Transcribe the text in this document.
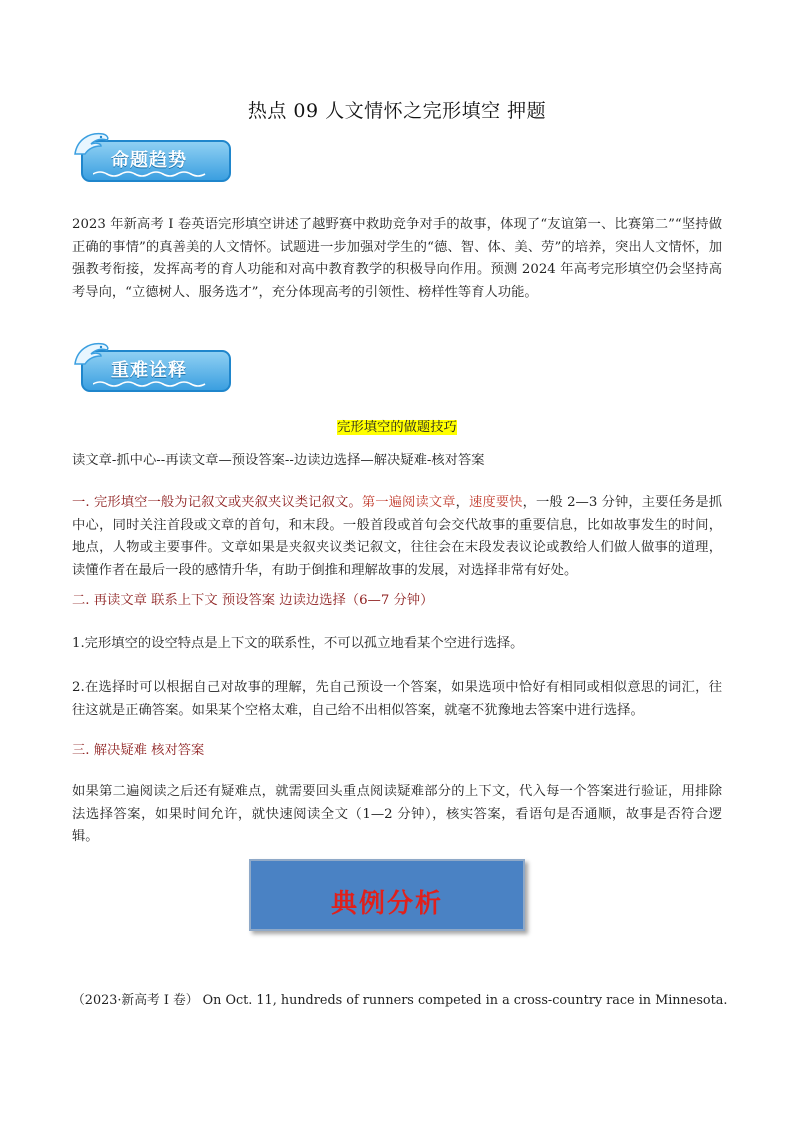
热点 09 人文情怀之完形填空 押题
命题趋势
2023 年新高考 I 卷英语完形填空讲述了越野赛中救助竞争对手的故事，体现了“友谊第一、比赛第二”“坚持做正确的事情”的真善美的人文情怀。试题进一步加强对学生的“德、智、体、美、劳”的培养，突出人文情怀，加强教考衔接，发挥高考的育人功能和对高中教育教学的积极导向作用。预测 2024 年高考完形填空仍会坚持高考导向，“立德树人、服务选才”，充分体现高考的引领性、榜样性等育人功能。
重难诠释
完形填空的做题技巧
读文章-抓中心--再读文章—预设答案--边读边选择—解决疑难-核对答案
一. 完形填空一般为记叙文或夹叙夹议类记叙文。第一遍阅读文章，速度要快，一般 2—3 分钟，主要任务是抓中心，同时关注首段或文章的首句，和末段。一般首段或首句会交代故事的重要信息，比如故事发生的时间，地点，人物或主要事件。文章如果是夹叙夹议类记叙文，往往会在末段发表议论或教给人们做人做事的道理，读懂作者在最后一段的感情升华，有助于倒推和理解故事的发展，对选择非常有好处。
二. 再读文章 联系上下文 预设答案 边读边选择（6—7 分钟）
1.完形填空的设空特点是上下文的联系性，不可以孤立地看某个空进行选择。
2.在选择时可以根据自己对故事的理解，先自己预设一个答案，如果选项中恰好有相同或相似意思的词汇，往往这就是正确答案。如果某个空格太难，自己给不出相似答案，就毫不犹豫地去答案中进行选择。
三. 解决疑难 核对答案
如果第二遍阅读之后还有疑难点，就需要回头重点阅读疑难部分的上下文，代入每一个答案进行验证，用排除法选择答案，如果时间允许，就快速阅读全文（1—2 分钟），核实答案，看语句是否通顺，故事是否符合逻辑。
典例分析
（2023·新高考 I 卷） On Oct. 11, hundreds of runners competed in a cross-country race in Minnesota.
